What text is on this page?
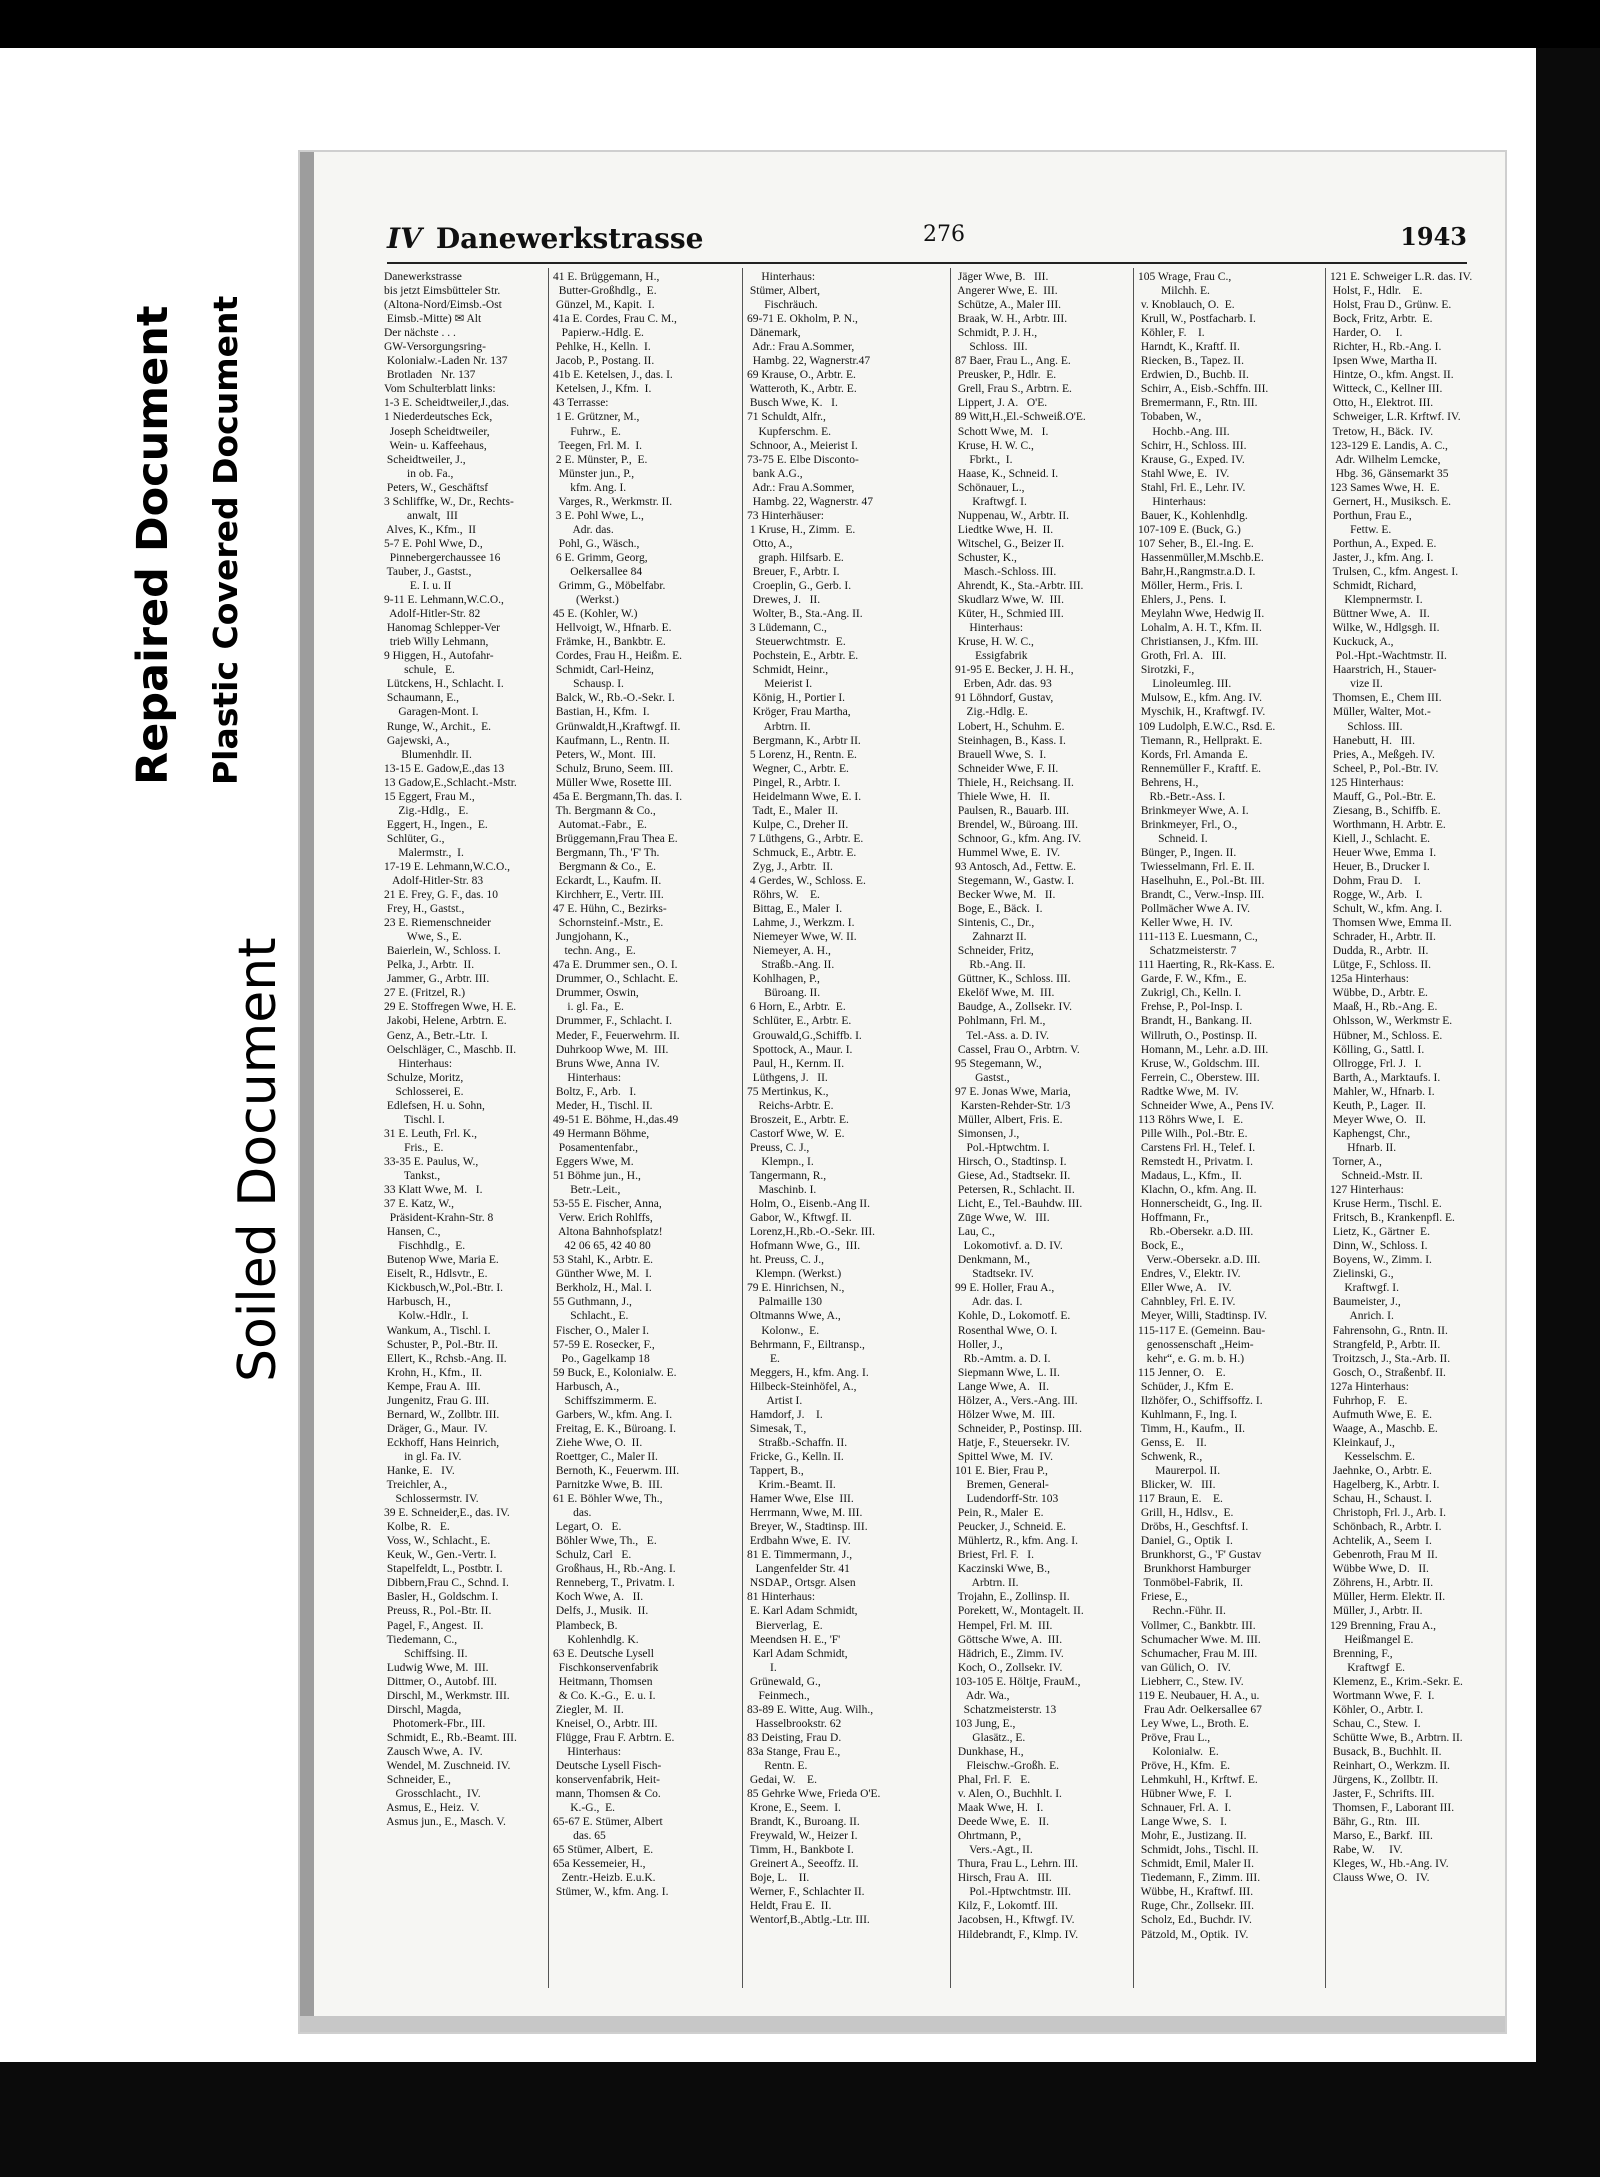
Repaired Document Plastic Covered Document
Soiled Document
IV Danewerkstrasse	276	1943
Danewerkstrasse
bis jetzt Eimsbütteler Str.
(Altona-Nord/Eimsb.-Ost
Eimsb.-Mitte) ✉ Alt
Der nächste . . .
GW-Versorgungsring-
Kolonialw.-Laden Nr. 137
Brotladen   Nr. 137
Vom Schulterblatt links:
1-3 E. Scheidtweiler,J.,das.
1 Niederdeutsches Eck,
Joseph Scheidtweiler,
Wein- u. Kaffeehaus,
Scheidtweiler, J.,
in ob. Fa.,
Peters, W., Geschäftsf
3 Schliffke, W., Dr., Rechts-
anwalt,  III
Alves, K., Kfm.,  II
5-7 E. Pohl Wwe, D.,
Pinnebergerchaussee 16
Tauber, J., Gastst.,
E. I. u. II
9-11 E. Lehmann,W.C.O.,
Adolf-Hitler-Str. 82
Hanomag Schlepper-Ver
trieb Willy Lehmann,
9 Higgen, H., Autofahr-
schule,   E.
Lütckens, H., Schlacht. I.
Schaumann, E.,
Garagen-Mont. I.
Runge, W., Archit.,  E.
Gajewski, A.,
Blumenhdlr. II.
13-15 E. Gadow,E.,das 13
13 Gadow,E.,Schlacht.-Mstr.
15 Eggert, Frau M.,
Zig.-Hdlg.,   E.
Eggert, H., Ingen.,  E.
Schlüter, G.,
Malermstr.,  I.
17-19 E. Lehmann,W.C.O.,
Adolf-Hitler-Str. 83
21 E. Frey, G. F., das. 10
Frey, H., Gastst.,
23 E. Riemenschneider
Wwe, S., E.
Baierlein, W., Schloss. I.
Pelka, J., Arbtr.  II.
Jammer, G., Arbtr. III.
27 E. (Fritzel, R.)
29 E. Stoffregen Wwe, H. E.
Jakobi, Helene, Arbtrn. E.
Genz, A., Betr.-Ltr.  I.
Oelschläger, C., Maschb. II.
Hinterhaus:
Schulze, Moritz,
Schlosserei, E.
Edlefsen, H. u. Sohn,
Tischl. I.
31 E. Leuth, Frl. K.,
Fris.,  E.
33-35 E. Paulus, W.,
Tankst.,
33 Klatt Wwe, M.   I.
37 E. Katz, W.,
Präsident-Krahn-Str. 8
Hansen, C.,
Fischhdlg.,  E.
Butenop Wwe, Maria E.
Eiselt, R., Hdlsvtr., E.
Kickbusch,W.,Pol.-Btr. I.
Harbusch, H.,
Kolw.-Hdlr.,  I.
Wankum, A., Tischl. I.
Schuster, P., Pol.-Btr. II.
Ellert, K., Rchsb.-Ang. II.
Krohn, H., Kfm.,  II.
Kempe, Frau A.  III.
Jungenitz, Frau G. III.
Bernard, W., Zollbtr. III.
Dräger, G., Maur.  IV.
Eckhoff, Hans Heinrich,
in gl. Fa. IV.
Hanke, E.   IV.
Treichler, A.,
Schlossermstr. IV.
39 E. Schneider,E., das. IV.
Kolbe, R.   E.
Voss, W., Schlacht., E.
Keuk, W., Gen.-Vertr. I.
Stapelfeldt, L., Postbtr. I.
Dibbern,Frau C., Schnd. I.
Basler, H., Goldschm. I.
Preuss, R., Pol.-Btr. II.
Pagel, F., Angest.  II.
Tiedemann, C.,
Schiffsing. II.
Ludwig Wwe, M.  III.
Dittmer, O., Autobf. III.
Dirschl, M., Werkmstr. III.
Dirschl, Magda,
Photomerk-Fbr., III.
Schmidt, E., Rb.-Beamt. III.
Zausch Wwe, A.  IV.
Wendel, M. Zuschneid. IV.
Schneider, E.,
Grosschlacht.,  IV.
Asmus, E., Heiz.  V.
Asmus jun., E., Masch. V.
41 E. Brüggemann, H.,
Butter-Großhdlg.,  E.
Günzel, M., Kapit.  I.
41a E. Cordes, Frau C. M.,
Papierw.-Hdlg. E.
Pehlke, H., Kelln.  I.
Jacob, P., Postang. II.
41b E. Ketelsen, J., das. I.
Ketelsen, J., Kfm.  I.
43 Terrasse:
1 E. Grützner, M.,
Fuhrw.,  E.
Teegen, Frl. M.  I.
2 E. Münster, P.,  E.
Münster jun., P.,
kfm. Ang. I.
Varges, R., Werkmstr. II.
3 E. Pohl Wwe, L.,
Adr. das.
Pohl, G., Wäsch.,
6 E. Grimm, Georg,
Oelkersallee 84
Grimm, G., Möbelfabr.
(Werkst.)
45 E. (Kohler, W.)
Hellvoigt, W., Hfnarb. E.
Främke, H., Bankbtr. E.
Cordes, Frau H., Heißm. E.
Schmidt, Carl-Heinz,
Schausp. I.
Balck, W., Rb.-O.-Sekr. I.
Bastian, H., Kfm.  I.
Grünwaldt,H.,Kraftwgf. II.
Kaufmann, L., Rentn. II.
Peters, W., Mont.  III.
Schulz, Bruno, Seem. III.
Müller Wwe, Rosette III.
45a E. Bergmann,Th. das. I.
Th. Bergmann & Co.,
Automat.-Fabr.,  E.
Brüggemann,Frau Thea E.
Bergmann, Th., 'F' Th.
Bergmann & Co.,  E.
Eckardt, L., Kaufm. II.
Kirchherr, E., Vertr. III.
47 E. Hühn, C., Bezirks-
Schornsteinf.-Mstr., E.
Jungjohann, K.,
techn. Ang.,  E.
47a E. Drummer sen., O. I.
Drummer, O., Schlacht. E.
Drummer, Oswin,
i. gl. Fa.,  E.
Drummer, F., Schlacht. I.
Meder, F., Feuerwehrm. II.
Duhrkoop Wwe, M.  III.
Bruns Wwe, Anna  IV.
Hinterhaus:
Boltz, F., Arb.   I.
Meder, H., Tischl. II.
49-51 E. Böhme, H.,das.49
49 Hermann Böhme,
Posamentenfabr.,
Eggers Wwe, M.
51 Böhme jun., H.,
Betr.-Leit.,
53-55 E. Fischer, Anna,
Verw. Erich Rohlffs,
Altona Bahnhofsplatz!
42 06 65, 42 40 80
53 Stahl, K., Arbtr. E.
Günther Wwe, M.  I.
Berkholz, H., Mal. I.
55 Guthmann, J.,
Schlacht., E.
Fischer, O., Maler I.
57-59 E. Rosecker, F.,
Po., Gagelkamp 18
59 Buck, E., Kolonialw. E.
Harbusch, A.,
Schiffszimmerm. E.
Garbers, W., kfm. Ang. I.
Freitag, E. K., Büroang. I.
Ziehe Wwe, O.  II.
Roettger, C., Maler II.
Bernoth, K., Feuerwm. III.
Parnitzke Wwe, B.  III.
61 E. Böhler Wwe, Th.,
das.
Legart, O.   E.
Böhler Wwe, Th.,   E.
Schulz, Carl   E.
Großhaus, H., Rb.-Ang. I.
Renneberg, T., Privatm. I.
Koch Wwe, A.   II.
Delfs, J., Musik.  II.
Plambeck, B.
Kohlenhdlg. K.
63 E. Deutsche Lysell
Fischkonservenfabrik
Heitmann, Thomsen
& Co. K.-G.,  E. u. I.
Ziegler, M.  II.
Kneisel, O., Arbtr. III.
Flügge, Frau F. Arbtrn. E.
Hinterhaus:
Deutsche Lysell Fisch-
konservenfabrik, Heit-
mann, Thomsen & Co.
K.-G.,  E.
65-67 E. Stümer, Albert
das. 65
65 Stümer, Albert,  E.
65a Kessemeier, H.,
Zentr.-Heizb. E.u.K.
Stümer, W., kfm. Ang. I.
Hinterhaus:
Stümer, Albert,
Fischräuch.
69-71 E. Okholm, P. N.,
Dänemark,
Adr.: Frau A.Sommer,
Hambg. 22, Wagnerstr.47
69 Krause, O., Arbtr. E.
Watteroth, K., Arbtr. E.
Busch Wwe, K.   I.
71 Schuldt, Alfr.,
Kupferschm. E.
Schnoor, A., Meierist I.
73-75 E. Elbe Disconto-
bank A.G.,
Adr.: Frau A.Sommer,
Hambg. 22, Wagnerstr. 47
73 Hinterhäuser:
1 Kruse, H., Zimm.  E.
Otto, A.,
graph. Hilfsarb. E.
Breuer, F., Arbtr. I.
Croeplin, G., Gerb. I.
Drewes, J.   II.
Wolter, B., Sta.-Ang. II.
3 Lüdemann, C.,
Steuerwchtmstr.  E.
Pochstein, E., Arbtr. E.
Schmidt, Heinr.,
Meierist I.
König, H., Portier I.
Kröger, Frau Martha,
Arbtrn. II.
Bergmann, K., Arbtr II.
5 Lorenz, H., Rentn. E.
Wegner, C., Arbtr. E.
Pingel, R., Arbtr. I.
Heidelmann Wwe, E. I.
Tadt, E., Maler  II.
Kulpe, C., Dreher II.
7 Lüthgens, G., Arbtr. E.
Schmuck, E., Arbtr. E.
Zyg, J., Arbtr.  II.
4 Gerdes, W., Schloss. E.
Röhrs, W.    E.
Bittag, E., Maler  I.
Lahme, J., Werkzm. I.
Niemeyer Wwe, W. II.
Niemeyer, A. H.,
Straßb.-Ang. II.
Kohlhagen, P.,
Büroang. II.
6 Horn, E., Arbtr.  E.
Schlüter, E., Arbtr. E.
Grouwald,G.,Schiffb. I.
Spottock, A., Maur. I.
Paul, H., Kernm. II.
Lüthgens, J.   II.
75 Mertinkus, K.,
Reichs-Arbtr. E.
Broszeit, E., Arbtr. E.
Castorf Wwe, W.  E.
Preuss, C. J.,
Klempn., I.
Tangermann, R.,
Maschinb. I.
Holm, O., Eisenb.-Ang II.
Gabor, W., Kftwgf. II.
Lorenz,H.,Rb.-O.-Sekr. III.
Hofmann Wwe, G.,  III.
ht. Preuss, C. J.,
Klempn. (Werkst.)
79 E. Hinrichsen, N.,
Palmaille 130
Oltmanns Wwe, A.,
Kolonw.,  E.
Behrmann, F., Eiltransp.,
E.
Meggers, H., kfm. Ang. I.
Hilbeck-Steinhöfel, A.,
Artist I.
Hamdorf, J.    I.
Simesak, T.,
Straßb.-Schaffn. II.
Fricke, G., Kelln. II.
Tappert, B.,
Krim.-Beamt. II.
Hamer Wwe, Else  III.
Herrmann, Wwe, M. III.
Breyer, W., Stadtinsp. III.
Erdbahn Wwe, E.  IV.
81 E. Timmermann, J.,
Langenfelder Str. 41
NSDAP., Ortsgr. Alsen
81 Hinterhaus:
E. Karl Adam Schmidt,
Bierverlag,  E.
Meendsen H. E., 'F'
Karl Adam Schmidt,
I.
Grünewald, G.,
Feinmech.,
83-89 E. Witte, Aug. Wilh.,
Hasselbrookstr. 62
83 Deisting, Frau D.
83a Stange, Frau E.,
Rentn. E.
Gedai, W.    E.
85 Gehrke Wwe, Frieda O'E.
Krone, E., Seem.  I.
Brandt, K., Buroang. II.
Freywald, W., Heizer I.
Timm, H., Bankbote I.
Greinert A., Seeoffz. II.
Boje, L.    II.
Werner, F., Schlachter II.
Heldt, Frau E.  II.
Wentorf,B.,Abtlg.-Ltr. III.
Jäger Wwe, B.   III.
Angerer Wwe, E.  III.
Schütze, A., Maler III.
Braak, W. H., Arbtr. III.
Schmidt, P. J. H.,
Schloss.  III.
87 Baer, Frau L., Ang. E.
Preusker, P., Hdlr.  E.
Grell, Frau S., Arbtrn. E.
Lippert, J. A.   O'E.
89 Witt,H.,El.-Schweiß.O'E.
Schott Wwe, M.   I.
Kruse, H. W. C.,
Fbrkt.,  I.
Haase, K., Schneid. I.
Schönauer, L.,
Kraftwgf. I.
Nuppenau, W., Arbtr. II.
Liedtke Wwe, H.  II.
Witschel, G., Beizer II.
Schuster, K.,
Masch.-Schloss. III.
Ahrendt, K., Sta.-Arbtr. III.
Skudlarz Wwe, W.  III.
Küter, H., Schmied III.
Hinterhaus:
Kruse, H. W. C.,
Essigfabrik
91-95 E. Becker, J. H. H.,
Erben, Adr. das. 93
91 Löhndorf, Gustav,
Zig.-Hdlg. E.
Lobert, H., Schuhm. E.
Steinhagen, B., Kass. I.
Brauell Wwe, S.  I.
Schneider Wwe, F. II.
Thiele, H., Reichsang. II.
Thiele Wwe, H.   II.
Paulsen, R., Bauarb. III.
Brendel, W., Büroang. III.
Schnoor, G., kfm. Ang. IV.
Hummel Wwe, E.  IV.
93 Antosch, Ad., Fettw. E.
Stegemann, W., Gastw. I.
Becker Wwe, M.   II.
Boge, E., Bäck.  I.
Sintenis, C., Dr.,
Zahnarzt II.
Schneider, Fritz,
Rb.-Ang. II.
Güttner, K., Schloss. III.
Ekelöf Wwe, M.  III.
Baudge, A., Zollsekr. IV.
Pohlmann, Frl. M.,
Tel.-Ass. a. D. IV.
Cassel, Frau O., Arbtrn. V.
95 Stegemann, W.,
Gastst.,
97 E. Jonas Wwe, Maria,
Karsten-Rehder-Str. 1/3
Müller, Albert, Fris. E.
Simonsen, J.,
Pol.-Hptwchtm. I.
Hirsch, O., Stadtinsp. I.
Giese, Ad., Stadtsekr. II.
Petersen, R., Schlacht. II.
Licht, E., Tel.-Bauhdw. III.
Zūge Wwe, W.   III.
Lau, C.,
Lokomotivf. a. D. IV.
Denkmann, M.,
Stadtsekr. IV.
99 E. Holler, Frau A.,
Adr. das. I.
Kohle, D., Lokomotf. E.
Rosenthal Wwe, O. I.
Holler, J.,
Rb.-Amtm. a. D. I.
Siepmann Wwe, L. II.
Lange Wwe, A.   II.
Hölzer, A., Vers.-Ang. III.
Hölzer Wwe, M.  III.
Schneider, P., Postinsp. III.
Hatje, F., Steuersekr. IV.
Spittel Wwe, M.  IV.
101 E. Bier, Frau P.,
Bremen, General-
Ludendorff-Str. 103
Pein, R., Maler  E.
Peucker, J., Schneid. E.
Mühlertz, R., kfm. Ang. I.
Briest, Frl. F.   I.
Kaczinski Wwe, B.,
Arbtrn. II.
Trojahn, E., Zollinsp. II.
Porekett, W., Montagelt. II.
Hempel, Frl. M.  III.
Göttsche Wwe, A.  III.
Hädrich, E., Zimm. IV.
Koch, O., Zollsekr. IV.
103-105 E. Höltje, FrauM.,
Adr. Wa.,
Schatzmeisterstr. 13
103 Jung, E.,
Glasätz., E.
Dunkhase, H.,
Fleischw.-Großh. E.
Phal, Frl. F.   E.
v. Alen, O., Buchhlt. I.
Maak Wwe, H.   I.
Deede Wwe, E.   II.
Ohrtmann, P.,
Vers.-Agt., II.
Thura, Frau L., Lehrn. III.
Hirsch, Frau A.   III.
Pol.-Hptwchtmstr. III.
Kilz, F., Lokomtf. III.
Jacobsen, H., Kftwgf. IV.
Hildebrandt, F., Klmp. IV.
105 Wrage, Frau C.,
Milchh. E.
v. Knoblauch, O.  E.
Krull, W., Postfacharb. I.
Köhler, F.    I.
Harndt, K., Kraftf. II.
Riecken, B., Tapez. II.
Erdwien, D., Buchb. II.
Schirr, A., Eisb.-Schffn. III.
Bremermann, F., Rtn. III.
Tobaben, W.,
Hochb.-Ang. III.
Schirr, H., Schloss. III.
Krause, G., Exped. IV.
Stahl Wwe, E.   IV.
Stahl, Frl. E., Lehr. IV.
Hinterhaus:
Bauer, K., Kohlenhdlg.
107-109 E. (Buck, G.)
107 Seher, B., El.-Ing. E.
Hassenmüller,M.Mschb.E.
Bahr,H.,Rangmstr.a.D. I.
Möller, Herm., Fris. I.
Ehlers, J., Pens.  I.
Meylahn Wwe, Hedwig II.
Lohalm, A. H. T., Kfm. II.
Christiansen, J., Kfm. III.
Groth, Frl. A.   III.
Sirotzki, F.,
Linoleumleg. III.
Mulsow, E., kfm. Ang. IV.
Myschik, H., Kraftwgf. IV.
109 Ludolph, E.W.C., Rsd. E.
Tiemann, R., Hellprakt. E.
Kords, Frl. Amanda  E.
Rennemüller F., Kraftf. E.
Behrens, H.,
Rb.-Betr.-Ass. I.
Brinkmeyer Wwe, A. I.
Brinkmeyer, Frl., O.,
Schneid. I.
Bünger, P., Ingen. II.
Twiesselmann, Frl. E. II.
Haselhuhn, E., Pol.-Bt. III.
Brandt, C., Verw.-Insp. III.
Pollmächer Wwe A. IV.
Keller Wwe, H.  IV.
111-113 E. Luesmann, C.,
Schatzmeisterstr. 7
111 Haerting, R., Rk-Kass. E.
Garde, F. W., Kfm.,  E.
Zukrigl, Ch., Kelln. I.
Frehse, P., Pol-Insp. I.
Brandt, H., Bankang. II.
Willruth, O., Postinsp. II.
Homann, M., Lehr. a.D. III.
Kruse, W., Goldschm. III.
Ferrein, C., Oberstew. III.
Radtke Wwe, M.  IV.
Schneider Wwe, A., Pens IV.
113 Röhrs Wwe, I.   E.
Pille Wilh., Pol.-Btr. E.
Carstens Frl. H., Telef. I.
Remstedt H., Privatm. I.
Madaus, L., Kfm.,  II.
Klachn, O., kfm. Ang. II.
Honnerscheidt, G., Ing. II.
Hoffmann, Fr.,
Rb.-Obersekr. a.D. III.
Bock, E.,
Verw.-Obersekr. a.D. III.
Endres, V., Elektr. IV.
Eller Wwe, A.    IV.
Cahnbley, Frl. E. IV.
Meyer, Willi, Stadtinsp. IV.
115-117 E. (Gemeinn. Bau-
genossenschaft „Heim-
kehr“, e. G. m. b. H.)
115 Jenner, O.    E.
Schüder, J., Kfm  E.
Ilzhöfer, O., Schiffsoffz. I.
Kuhlmann, F., Ing. I.
Timm, H., Kaufm.,  II.
Genss, E.    II.
Schwenk, R.,
Maurerpol. II.
Blicker, W.   III.
117 Braun, E.    E.
Grill, H., Hdlsv.,  E.
Dröbs, H., Geschftsf. I.
Daniel, G., Optik  I.
Brunkhorst, G., 'F' Gustav
Brunkhorst Hamburger
Tonmöbel-Fabrik,  II.
Friese, E.,
Rechn.-Führ. II.
Vollmer, C., Bankbtr. III.
Schumacher Wwe. M. III.
Schumacher, Frau M. III.
van Gülich, O.   IV.
Liebherr, C., Stew. IV.
119 E. Neubauer, H. A., u.
Frau Adr. Oelkersallee 67
Ley Wwe, L., Broth. E.
Pröve, Frau L.,
Kolonialw.  E.
Pröve, H., Kfm.  E.
Lehmkuhl, H., Krftwf. E.
Hübner Wwe, F.   I.
Schnauer, Frl. A.  I.
Lange Wwe, S.   I.
Mohr, E., Justizang. II.
Schmidt, Johs., Tischl. II.
Schmidt, Emil, Maler II.
Tiedemann, F., Zimm. III.
Wübbe, H., Kraftwf. III.
Ruge, Chr., Zollsekr. III.
Scholz, Ed., Buchdr. IV.
Pätzold, M., Optik.  IV.
121 E. Schweiger L.R. das. IV.
Holst, F., Hdlr.    E.
Holst, Frau D., Grünw. E.
Bock, Fritz, Arbtr.  E.
Harder, O.     I.
Richter, H., Rb.-Ang. I.
Ipsen Wwe, Martha II.
Hintze, O., kfm. Angst. II.
Witteck, C., Kellner III.
Otto, H., Elektrot. III.
Schweiger, L.R. Krftwf. IV.
Tretow, H., Bäck.  IV.
123-129 E. Landis, A. C.,
Adr. Wilhelm Lemcke,
Hbg. 36, Gänsemarkt 35
123 Sames Wwe, H.  E.
Gernert, H., Musiksch. E.
Porthun, Frau E.,
Fettw. E.
Porthun, A., Exped. E.
Jaster, J., kfm. Ang. I.
Trulsen, C., kfm. Angest. I.
Schmidt, Richard,
Klempnermstr. I.
Büttner Wwe, A.   II.
Wilke, W., Hdlgsgh. II.
Kuckuck, A.,
Pol.-Hpt.-Wachtmstr. II.
Haarstrich, H., Stauer-
vize II.
Thomsen, E., Chem III.
Müller, Walter, Mot.-
Schloss. III.
Hanebutt, H.   III.
Pries, A., Meßgeh. IV.
Scheel, P., Pol.-Btr. IV.
125 Hinterhaus:
Mauff, G., Pol.-Btr. E.
Ziesang, B., Schiffb. E.
Worthmann, H. Arbtr. E.
Kiell, J., Schlacht. E.
Heuer Wwe, Emma  I.
Heuer, B., Drucker I.
Dohm, Frau D.    I.
Rogge, W., Arb.   I.
Schult, W., kfm. Ang. I.
Thomsen Wwe, Emma II.
Schrader, H., Arbtr. II.
Dudda, R., Arbtr.  II.
Lütge, F., Schloss. II.
125a Hinterhaus:
Wübbe, D., Arbtr. E.
Maaß, H., Rb.-Ang. E.
Ohlsson, W., Werkmstr E.
Hübner, M., Schloss. E.
Kölling, G., Sattl. I.
Ollrogge, Frl. J.   I.
Barth, A., Marktaufs. I.
Mahler, W., Hfnarb. I.
Keuth, P., Lager.  II.
Meyer Wwe, O.   II.
Kaphengst, Chr.,
Hfnarb. II.
Torner, A.,
Schneid.-Mstr. II.
127 Hinterhaus:
Kruse Herm., Tischl. E.
Fritsch, B., Krankenpfl. E.
Lietz, K., Gärtner  E.
Dinn, W., Schloss. I.
Boyens, W., Zimm. I.
Zielinski, G.,
Kraftwgf. I.
Baumeister, J.,
Anrich. I.
Fahrensohn, G., Rntn. II.
Strangfeld, P., Arbtr. II.
Troitzsch, J., Sta.-Arb. II.
Gosch, O., Straßenbf. II.
127a Hinterhaus:
Fuhrhop, F.    E.
Aufmuth Wwe, E.  E.
Waage, A., Maschb. E.
Kleinkauf, J.,
Kesselschm. E.
Jaehnke, O., Arbtr. E.
Hagelberg, K., Arbtr. I.
Schau, H., Schaust. I.
Christoph, Frl. J., Arb. I.
Schönbach, R., Arbtr. I.
Achtelik, A., Seem  I.
Gebenroth, Frau M  II.
Wübbe Wwe, D.   II.
Zöhrens, H., Arbtr. II.
Müller, Herm. Elektr. II.
Müller, J., Arbtr. II.
129 Brenning, Frau A.,
Heißmangel E.
Brenning, F.,
Kraftwgf  E.
Klemenz, E., Krim.-Sekr. E.
Wortmann Wwe, F.  I.
Köhler, O., Arbtr. I.
Schau, C., Stew.  I.
Schütte Wwe, B., Arbtrn. II.
Busack, B., Buchhlt. II.
Reinhart, O., Werkzm. II.
Jürgens, K., Zollbtr. II.
Jaster, F., Schrifts. III.
Thomsen, F., Laborant III.
Bähr, G., Rtn.   III.
Marso, E., Barkf.  III.
Rabe, W.     IV.
Kleges, W., Hb.-Ang. IV.
Clauss Wwe, O.   IV.
